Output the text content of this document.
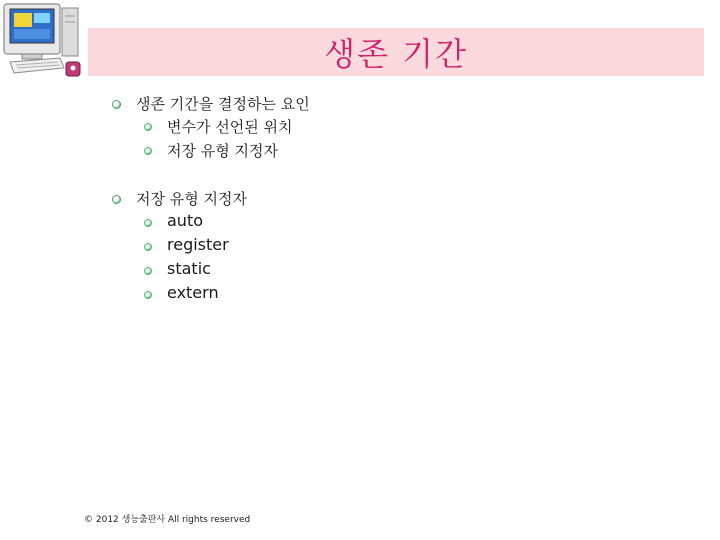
생존 기간
생존 기간을 결정하는 요인
변수가 선언된 위치
저장 유형 지정자
저장 유형 지정자
auto
register
static
extern
© 2012 생능출판사 All rights reserved
